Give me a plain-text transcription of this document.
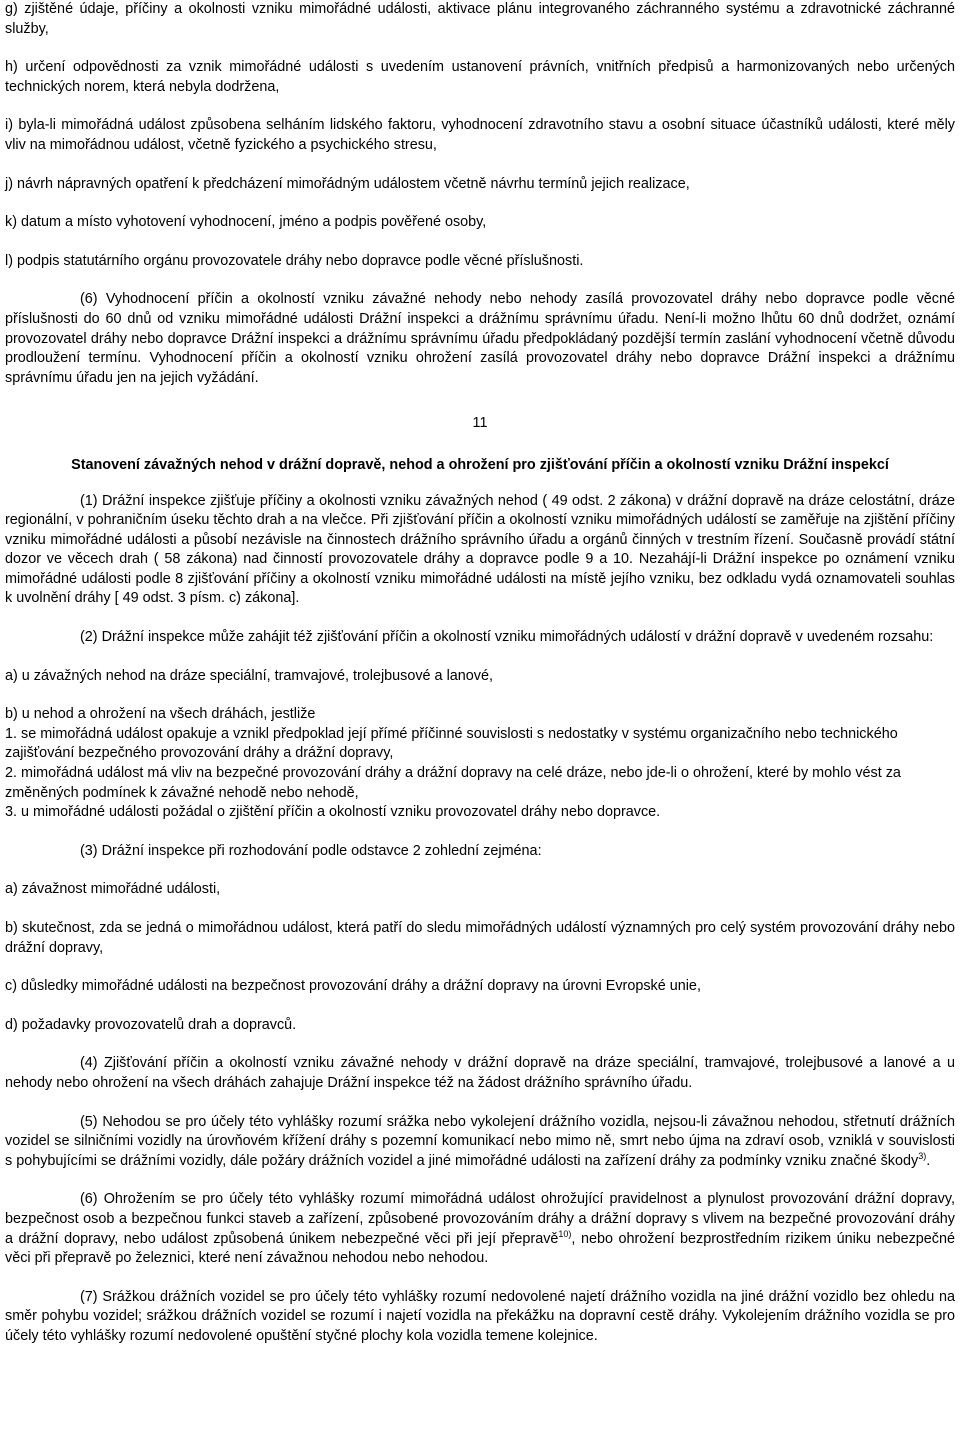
g) zjištěné údaje, příčiny a okolnosti vzniku mimořádné události, aktivace plánu integrovaného záchranného systému a zdravotnické záchranné služby,

h) určení odpovědnosti za vznik mimořádné události s uvedením ustanovení právních, vnitřních předpisů a harmonizovaných nebo určených technických norem, která nebyla dodržena,

i) byla-li mimořádná událost způsobena selháním lidského faktoru, vyhodnocení zdravotního stavu a osobní situace účastníků události, které měly vliv na mimořádnou událost, včetně fyzického a psychického stresu,

j) návrh nápravných opatření k předcházení mimořádným událostem včetně návrhu termínů jejich realizace,

k) datum a místo vyhotovení vyhodnocení, jméno a podpis pověřené osoby,

l) podpis statutárního orgánu provozovatele dráhy nebo dopravce podle věcné příslušnosti.

(6) Vyhodnocení příčin a okolností vzniku závažné nehody nebo nehody zasílá provozovatel dráhy nebo dopravce podle věcné příslušnosti do 60 dnů od vzniku mimořádné události Drážní inspekci a drážnímu správnímu úřadu. Není-li možno lhůtu 60 dnů dodržet, oznámí provozovatel dráhy nebo dopravce Drážní inspekci a drážnímu správnímu úřadu předpokládaný pozdější termín zaslání vyhodnocení včetně důvodu prodloužení termínu. Vyhodnocení příčin a okolností vzniku ohrožení zasílá provozovatel dráhy nebo dopravce Drážní inspekci a drážnímu správnímu úřadu jen na jejich vyžádání.

11
Stanovení závažných nehod v drážní dopravě, nehod a ohrožení pro zjišťování příčin a okolností vzniku Drážní inspekcí

(1) Drážní inspekce zjišťuje příčiny a okolnosti vzniku závažných nehod ( 49 odst. 2 zákona) v drážní dopravě na dráze celostátní, dráze regionální, v pohraničním úseku těchto drah a na vlečce. Při zjišťování příčin a okolností vzniku mimořádných událostí se zaměřuje na zjištění příčiny vzniku mimořádné události a působí nezávisle na činnostech drážního správního úřadu a orgánů činných v trestním řízení. Současně provádí státní dozor ve věcech drah ( 58 zákona) nad činností provozovatele dráhy a dopravce podle 9 a 10. Nezahájí-li Drážní inspekce po oznámení vzniku mimořádné události podle 8 zjišťování příčiny a okolností vzniku mimořádné události na místě jejího vzniku, bez odkladu vydá oznamovateli souhlas k uvolnění dráhy [ 49 odst. 3 písm. c) zákona].

(2) Drážní inspekce může zahájit též zjišťování příčin a okolností vzniku mimořádných událostí v drážní dopravě v uvedeném rozsahu:

a) u závažných nehod na dráze speciální, tramvajové, trolejbusové a lanové,

b) u nehod a ohrožení na všech dráhách, jestliže

1. se mimořádná událost opakuje a vznikl předpoklad její přímé příčinné souvislosti s nedostatky v systému organizačního nebo technického zajišťování bezpečného provozování dráhy a drážní dopravy,

2. mimořádná událost má vliv na bezpečné provozování dráhy a drážní dopravy na celé dráze, nebo jde-li o ohrožení, které by mohlo vést za změněných podmínek k závažné nehodě nebo nehodě,

3. u mimořádné události požádal o zjištění příčin a okolností vzniku provozovatel dráhy nebo dopravce.

(3) Drážní inspekce při rozhodování podle odstavce 2 zohlední zejména:

a) závažnost mimořádné události,

b) skutečnost, zda se jedná o mimořádnou událost, která patří do sledu mimořádných událostí významných pro celý systém provozování dráhy nebo drážní dopravy,

c) důsledky mimořádné události na bezpečnost provozování dráhy a drážní dopravy na úrovni Evropské unie,

d) požadavky provozovatelů drah a dopravců.

(4) Zjišťování příčin a okolností vzniku závažné nehody v drážní dopravě na dráze speciální, tramvajové, trolejbusové a lanové a u nehody nebo ohrožení na všech dráhách zahajuje Drážní inspekce též na žádost drážního správního úřadu.

(5) Nehodou se pro účely této vyhlášky rozumí srážka nebo vykolejení drážního vozidla, nejsou-li závažnou nehodou, střetnutí drážních vozidel se silničními vozidly na úrovňovém křížení dráhy s pozemní komunikací nebo mimo ně, smrt nebo újma na zdraví osob, vzniklá v souvislosti s pohybujícími se drážními vozidly, dále požáry drážních vozidel a jiné mimořádné události na zařízení dráhy za podmínky vzniku značné škody$^{3)}$.

(6) Ohrožením se pro účely této vyhlášky rozumí mimořádná událost ohrožující pravidelnost a plynulost provozování drážní dopravy, bezpečnost osob a bezpečnou funkci staveb a zařízení, způsobené provozováním dráhy a drážní dopravy s vlivem na bezpečné provozování dráhy a drážní dopravy, nebo událost způsobená únikem nebezpečné věci při její přepravě$^{10)}$, nebo ohrožení bezprostředním rizikem úniku nebezpečné věci při přepravě po železnici, které není závažnou nehodou nebo nehodou.

(7) Srážkou drážních vozidel se pro účely této vyhlášky rozumí nedovolené najetí drážního vozidla na jiné drážní vozidlo bez ohledu na směr pohybu vozidel; srážkou drážních vozidel se rozumí i najetí vozidla na překážku na dopravní cestě dráhy. Vykolejením drážního vozidla se pro účely této vyhlášky rozumí nedovolené opuštění styčné plochy kola vozidla temene kolejnice.
